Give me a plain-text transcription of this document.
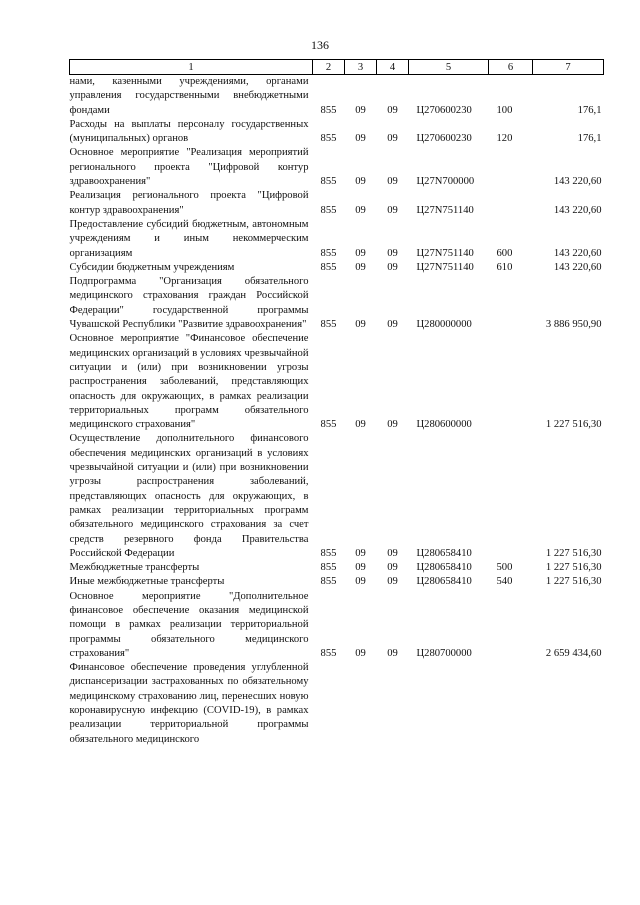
136
1	2	3	4	5	6	7
нами, казенными учреждениями, органами управления государственными внебюджетными фондами	855	09	09	Ц270600230	100	176,1
Расходы на выплаты персоналу государственных (муниципальных) органов	855	09	09	Ц270600230	120	176,1
Основное мероприятие "Реализация мероприятий регионального проекта "Цифровой контур здравоохранения"	855	09	09	Ц27N700000		143 220,60
Реализация регионального проекта "Цифровой контур здравоохранения"	855	09	09	Ц27N751140		143 220,60
Предоставление субсидий бюджетным, автономным учреждениям и иным некоммерческим организациям	855	09	09	Ц27N751140	600	143 220,60
Субсидии бюджетным учреждениям	855	09	09	Ц27N751140	610	143 220,60
Подпрограмма "Организация обязательного медицинского страхования граждан Российской Федерации" государственной программы Чувашской Республики "Развитие здравоохранения"	855	09	09	Ц280000000		3 886 950,90
Основное мероприятие "Финансовое обеспечение медицинских организаций в условиях чрезвычайной ситуации и (или) при возникновении угрозы распространения заболеваний, представляющих опасность для окружающих, в рамках реализации территориальных программ обязательного медицинского страхования"	855	09	09	Ц280600000		1 227 516,30
Осуществление дополнительного финансового обеспечения медицинских организаций в условиях чрезвычайной ситуации и (или) при возникновении угрозы распространения заболеваний, представляющих опасность для окружающих, в рамках реализации территориальных программ обязательного медицинского страхования за счет средств резервного фонда Правительства Российской Федерации	855	09	09	Ц280658410		1 227 516,30
Межбюджетные трансферты	855	09	09	Ц280658410	500	1 227 516,30
Иные межбюджетные трансферты	855	09	09	Ц280658410	540	1 227 516,30
Основное мероприятие "Дополнительное финансовое обеспечение оказания медицинской помощи в рамках реализации территориальной программы обязательного медицинского страхования"	855	09	09	Ц280700000		2 659 434,60
Финансовое обеспечение проведения углубленной диспансеризации застрахованных по обязательному медицинскому страхованию лиц, перенесших новую коронавирусную инфекцию (COVID-19), в рамках реализации территориальной программы обязательного медицинского						
